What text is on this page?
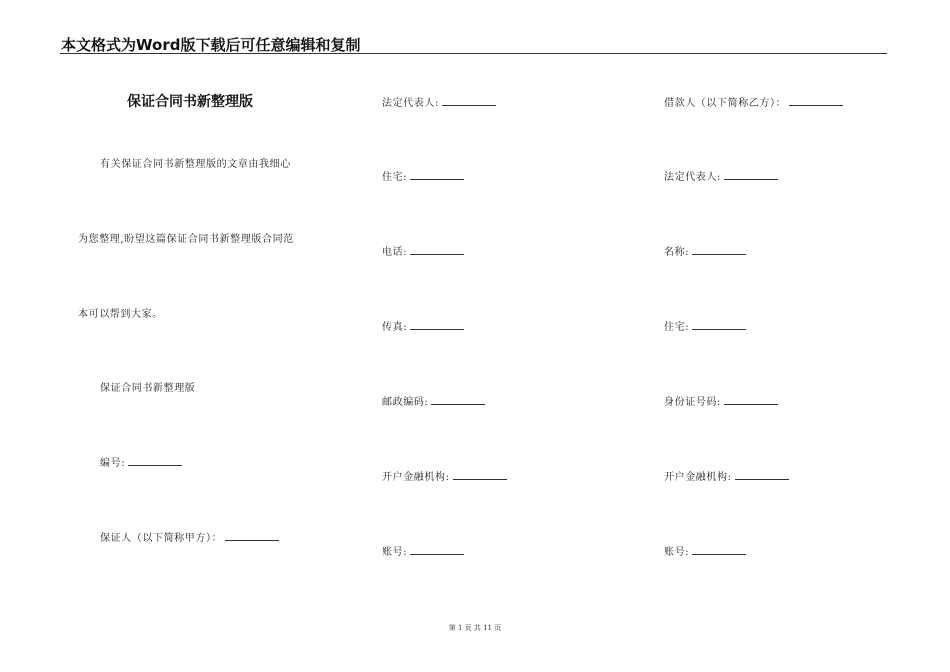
本文格式为Word版下载后可任意编辑和复制
保证合同书新整理版
有关保证合同书新整理版的文章由我细心
为您整理,盼望这篇保证合同书新整理版合同范
本可以帮到大家。
保证合同书新整理版
编号:
保证人（以下简称甲方）：
法定代表人:
住宅:
电话:
传真:
邮政编码:
开户金融机构:
账号:
借款人（以下简称乙方）：
法定代表人:
名称:
住宅:
身份证号码:
开户金融机构:
账号:
第 1 页 共 11 页
